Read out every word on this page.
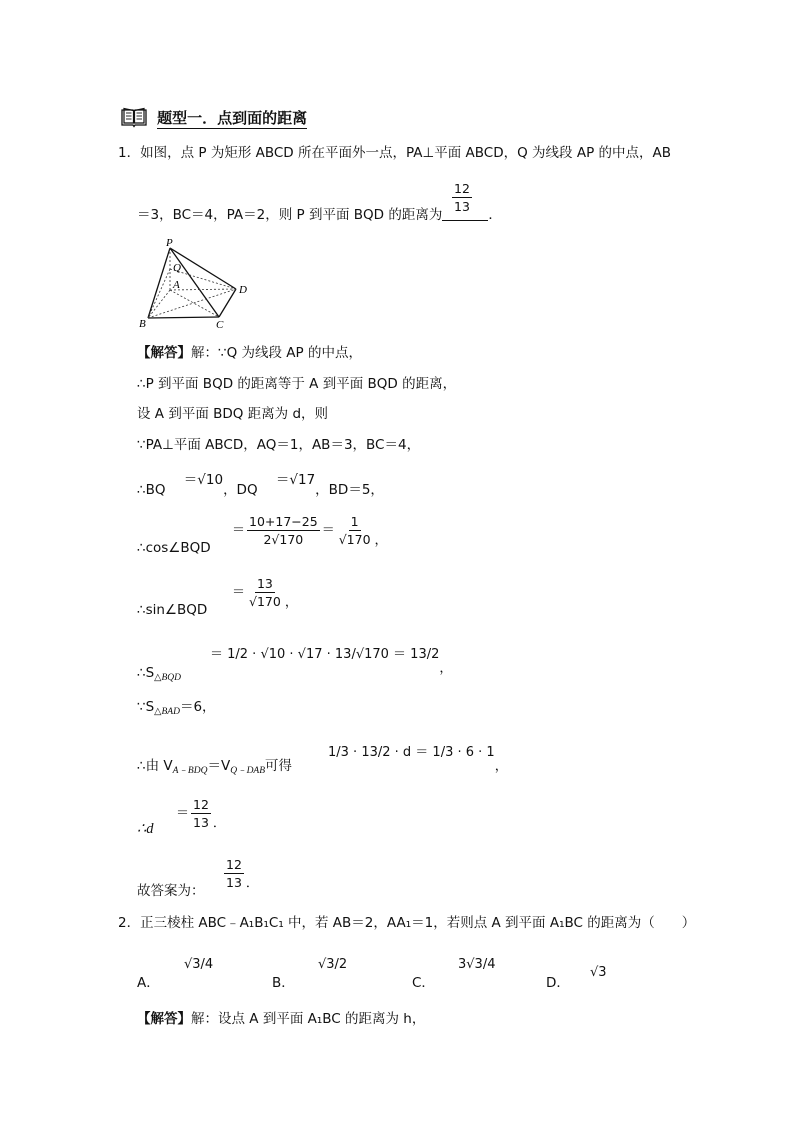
题型一．点到面的距离
1．如图，点 P 为矩形 ABCD 所在平面外一点，PA⊥平面 ABCD，Q 为线段 AP 的中点，AB
$\frac{12}{13}$
＝3，BC＝4，PA＝2，则 P 到平面 BQD 的距离为	．
P
Q
A
B	C
D
【解答】解：∵Q 为线段 AP 的中点，
∴P 到平面 BQD 的距离等于 A 到平面 BQD 的距离，
设 A 到平面 BDQ 距离为 d，则
∵PA⊥平面 ABCD，AQ＝1，AB＝3，BC＝4，
∴BQ ＝√10，DQ ＝√17，BD＝5，
∴cos∠BQD
＝ $\frac{10+17-25}{2√170} = \frac{1}{√170}$ ，
∴sin∠BQD
＝ $\frac{13}{√170}$ ，
$\therefore S_{\triangle BQD}$
＝ 1/2 · √10 · √17 · 13/√170 ＝ 13/2，
$\because S_{\triangle BAD}=6$，
∴由 $V_{A﹣BDQ}=V_{Q﹣DAB}$可得
1/3 · 13/2 · d ＝ 1/3 · 6 · 1，
∴d
＝ $\frac{12}{13}$ ．
故答案为：
$\frac{12}{13}$ ．
2．正三棱柱 ABC﹣A₁B₁C₁ 中，若 AB＝2，AA₁＝1，若则点 A 到平面 A₁BC 的距离为（　　）
A．
√3/4
B．
√3/2
C．
3√3/4
D．
√3
【解答】解：设点 A 到平面 A₁BC 的距离为 h，
